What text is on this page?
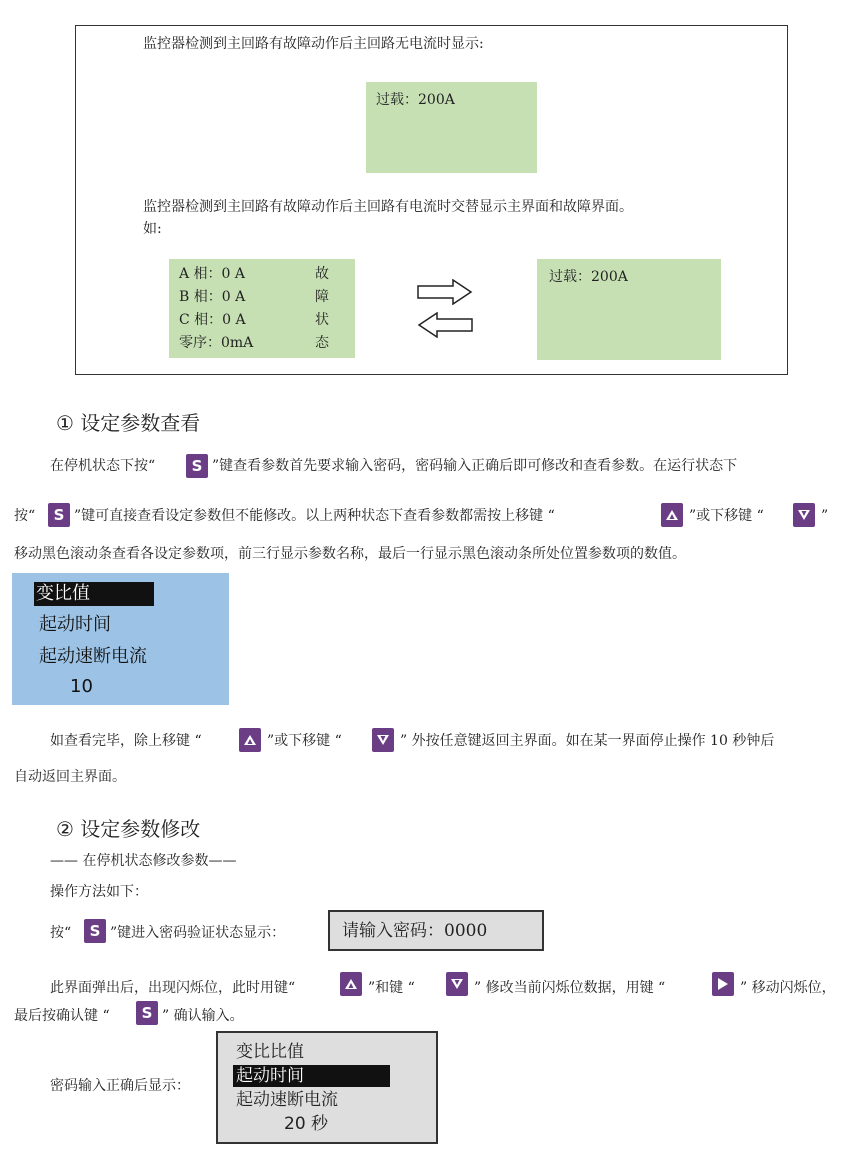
监控器检测到主回路有故障动作后主回路无电流时显示:
过载：200A
监控器检测到主回路有故障动作后主回路有电流时交替显示主界面和故障界面。
如:
A 相：0 A	故
B 相：0 A	障
C 相：0 A	状
零序：0mA	态
过载：200A
① 设定参数查看
在停机状态下按“ S ”键查看参数首先要求输入密码，密码输入正确后即可修改和查看参数。在运行状态下
按“ S ”键可直接查看设定参数但不能修改。以上两种状态下查看参数都需按上移键 “	”或下移键 “	”
移动黑色滚动条查看各设定参数项，前三行显示参数名称，最后一行显示黑色滚动条所处位置参数项的数值。
变比值
起动时间
起动速断电流
10
如查看完毕，除上移键 “	”或下移键 “	” 外按任意键返回主界面。如在某一界面停止操作 10 秒钟后
自动返回主界面。
② 设定参数修改
—— 在停机状态修改参数——
操作方法如下：
按“ S ”键进入密码验证状态显示：	请输入密码：0000
此界面弹出后，出现闪烁位，此时用键“	”和键 “	” 修改当前闪烁位数据，用键 “	” 移动闪烁位，
最后按确认键 “ S ” 确认输入。
密码输入正确后显示：
变比比值
起动时间
起动速断电流
20 秒
